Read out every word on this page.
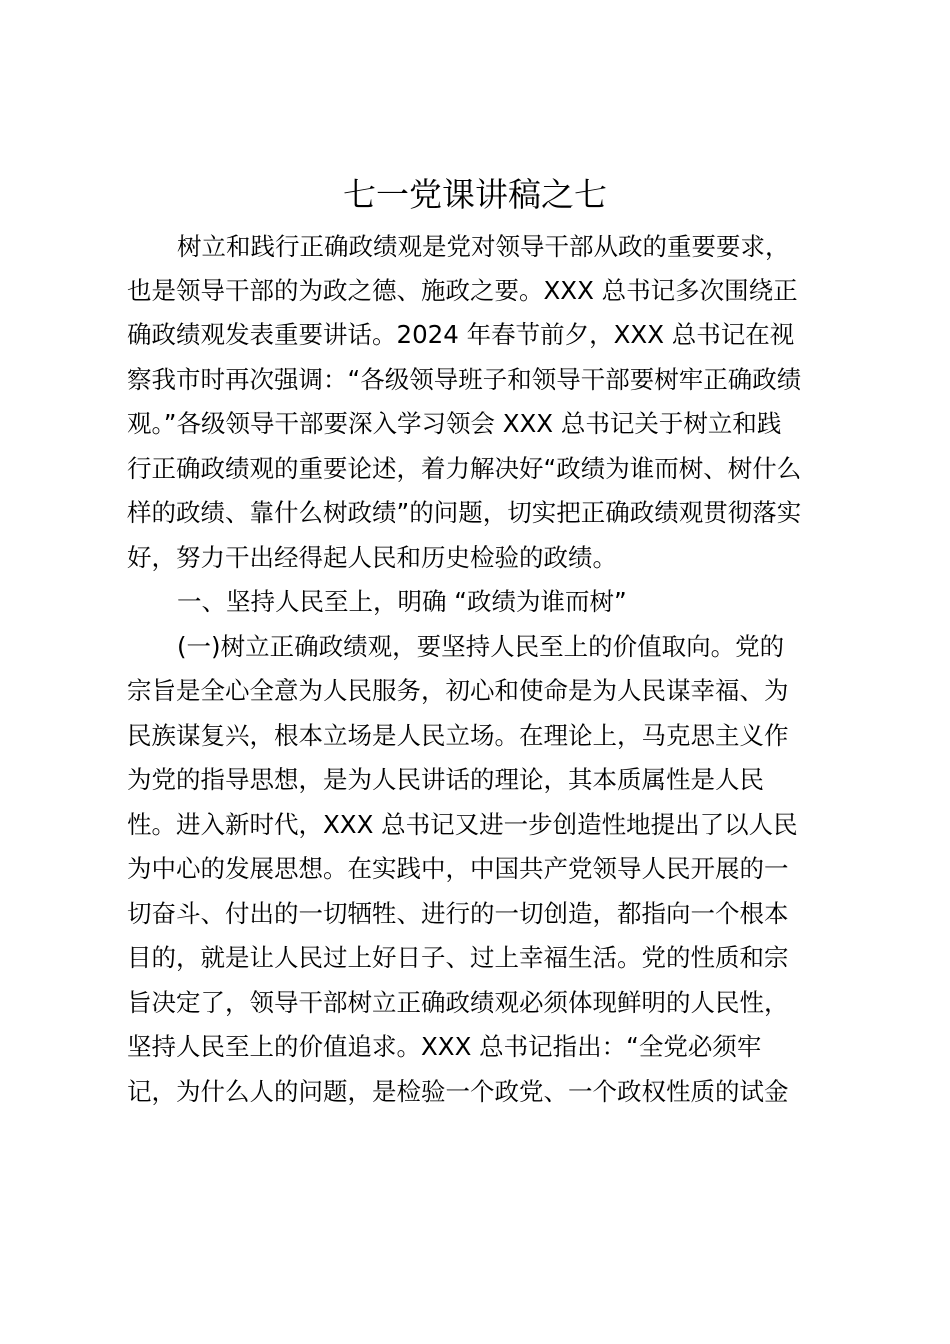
七一党课讲稿之七

树立和践行正确政绩观是党对领导干部从政的重要要求，

也是领导干部的为政之德、施政之要。XXX 总书记多次围绕正

确政绩观发表重要讲话。2024 年春节前夕，XXX 总书记在视

察我市时再次强调：“各级领导班子和领导干部要树牢正确政绩

观。”各级领导干部要深入学习领会 XXX 总书记关于树立和践

行正确政绩观的重要论述，着力解决好“政绩为谁而树、树什么

样的政绩、靠什么树政绩”的问题，切实把正确政绩观贯彻落实

好，努力干出经得起人民和历史检验的政绩。

一、坚持人民至上，明确 “政绩为谁而树”

(一)树立正确政绩观，要坚持人民至上的价值取向。党的

宗旨是全心全意为人民服务，初心和使命是为人民谋幸福、为

民族谋复兴，根本立场是人民立场。在理论上，马克思主义作

为党的指导思想，是为人民讲话的理论，其本质属性是人民

性。进入新时代，XXX 总书记又进一步创造性地提出了以人民

为中心的发展思想。在实践中，中国共产党领导人民开展的一

切奋斗、付出的一切牺牲、进行的一切创造，都指向一个根本

目的，就是让人民过上好日子、过上幸福生活。党的性质和宗

旨决定了，领导干部树立正确政绩观必须体现鲜明的人民性，

坚持人民至上的价值追求。XXX 总书记指出：“全党必须牢

记，为什么人的问题，是检验一个政党、一个政权性质的试金
